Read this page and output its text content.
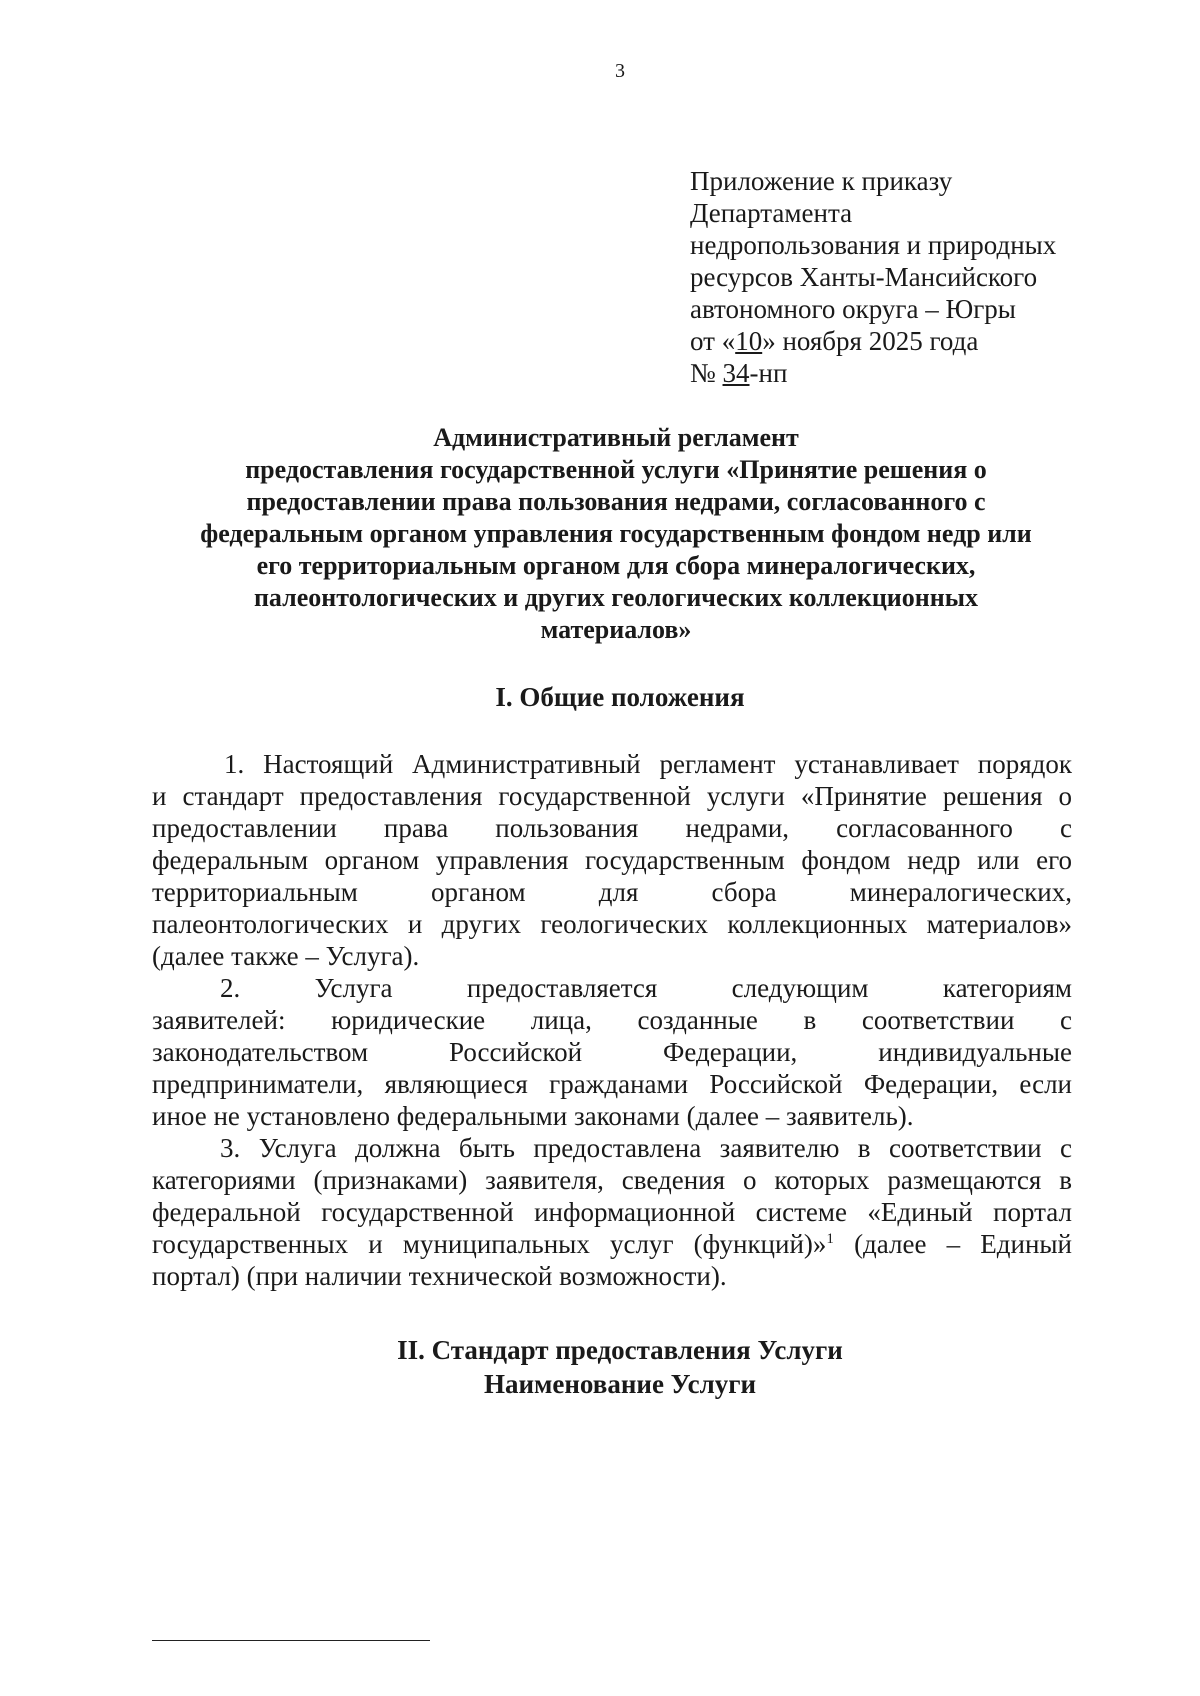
3
Приложение к приказу
Департамента
недропользования и природных
ресурсов Ханты-Мансийского
автономного округа – Югры
от «10» ноября 2025 года
№ 34-нп
Административный регламент
предоставления государственной услуги «Принятие решения о
предоставлении права пользования недрами, согласованного с
федеральным органом управления государственным фондом недр или
его территориальным органом для сбора минералогических,
палеонтологических и других геологических коллекционных
материалов»
I. Общие положения
1. Настоящий Административный регламент устанавливает порядок
и стандарт предоставления государственной услуги «Принятие решения о
предоставлении права пользования недрами, согласованного с
федеральным органом управления государственным фондом недр или его
территориальным органом для сбора минералогических,
палеонтологических и других геологических коллекционных материалов»
(далее также – Услуга).
2. Услуга предоставляется следующим категориям
заявителей: юридические лица, созданные в соответствии с
законодательством Российской Федерации, индивидуальные
предприниматели, являющиеся гражданами Российской Федерации, если
иное не установлено федеральными законами (далее – заявитель).
3. Услуга должна быть предоставлена заявителю в соответствии с
категориями (признаками) заявителя, сведения о которых размещаются в
федеральной государственной информационной системе «Единый портал
государственных и муниципальных услуг (функций)»$^1$ (далее – Единый
портал) (при наличии технической возможности).
II. Стандарт предоставления Услуги
Наименование Услуги
